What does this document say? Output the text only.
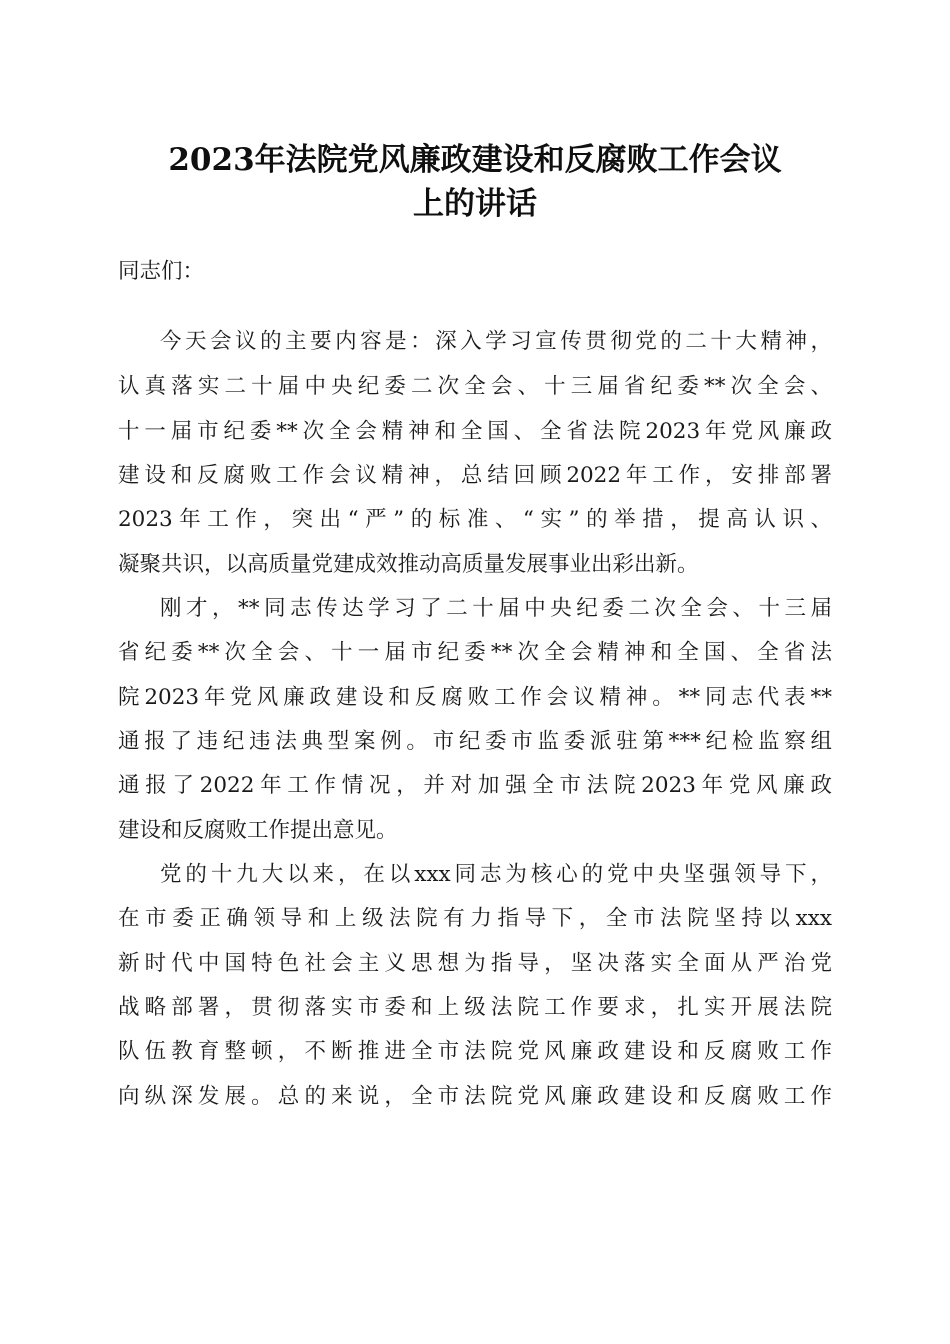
2023年法院党风廉政建设和反腐败工作会议
上的讲话
同志们：
今天会议的主要内容是：深入学习宣传贯彻党的二十大精神，
认真落实二十届中央纪委二次全会、十三届省纪委**次全会、
十一届市纪委**次全会精神和全国、全省法院2023年党风廉政
建设和反腐败工作会议精神，总结回顾2022年工作，安排部署
2023年工作，突出“严”的标准、“实”的举措，提高认识、
凝聚共识，以高质量党建成效推动高质量发展事业出彩出新。
刚才，**同志传达学习了二十届中央纪委二次全会、十三届
省纪委**次全会、十一届市纪委**次全会精神和全国、全省法
院2023年党风廉政建设和反腐败工作会议精神。**同志代表**
通报了违纪违法典型案例。市纪委市监委派驻第***纪检监察组
通报了2022年工作情况，并对加强全市法院2023年党风廉政
建设和反腐败工作提出意见。
党的十九大以来，在以xxx同志为核心的党中央坚强领导下，
在市委正确领导和上级法院有力指导下，全市法院坚持以xxx
新时代中国特色社会主义思想为指导，坚决落实全面从严治党
战略部署，贯彻落实市委和上级法院工作要求，扎实开展法院
队伍教育整顿，不断推进全市法院党风廉政建设和反腐败工作
向纵深发展。总的来说，全市法院党风廉政建设和反腐败工作
